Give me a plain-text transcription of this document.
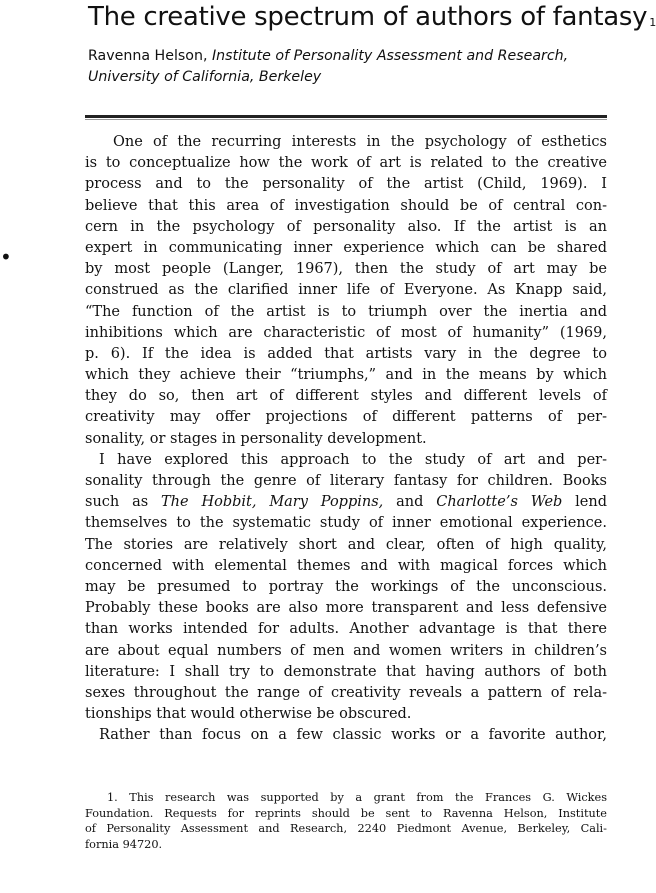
The creative spectrum of authors of fantasy $_1$
Ravenna Helson, Institute of Personality Assessment and Research,
University of California, Berkeley
•
One of the recurring interests in the psychology of esthetics
is to conceptualize how the work of art is related to the creative
process and to the personality of the artist (Child, 1969). I
believe that this area of investigation should be of central con-
cern in the psychology of personality also. If the artist is an
expert in communicating inner experience which can be shared
by most people (Langer, 1967), then the study of art may be
construed as the clarified inner life of Everyone. As Knapp said,
“The function of the artist is to triumph over the inertia and
inhibitions which are characteristic of most of humanity” (1969,
p. 6). If the idea is added that artists vary in the degree to
which they achieve their “triumphs,” and in the means by which
they do so, then art of different styles and different levels of
creativity may offer projections of different patterns of per-
sonality, or stages in personality development.
I have explored this approach to the study of art and per-
sonality through the genre of literary fantasy for children. Books
such as The Hobbit, Mary Poppins, and Charlotte’s Web lend
themselves to the systematic study of inner emotional experience.
The stories are relatively short and clear, often of high quality,
concerned with elemental themes and with magical forces which
may be presumed to portray the workings of the unconscious.
Probably these books are also more transparent and less defensive
than works intended for adults. Another advantage is that there
are about equal numbers of men and women writers in children’s
literature: I shall try to demonstrate that having authors of both
sexes throughout the range of creativity reveals a pattern of rela-
tionships that would otherwise be obscured.
Rather than focus on a few classic works or a favorite author,
1. This research was supported by a grant from the Frances G. Wickes
Foundation. Requests for reprints should be sent to Ravenna Helson, Institute
of Personality Assessment and Research, 2240 Piedmont Avenue, Berkeley, Cali-
fornia 94720.
